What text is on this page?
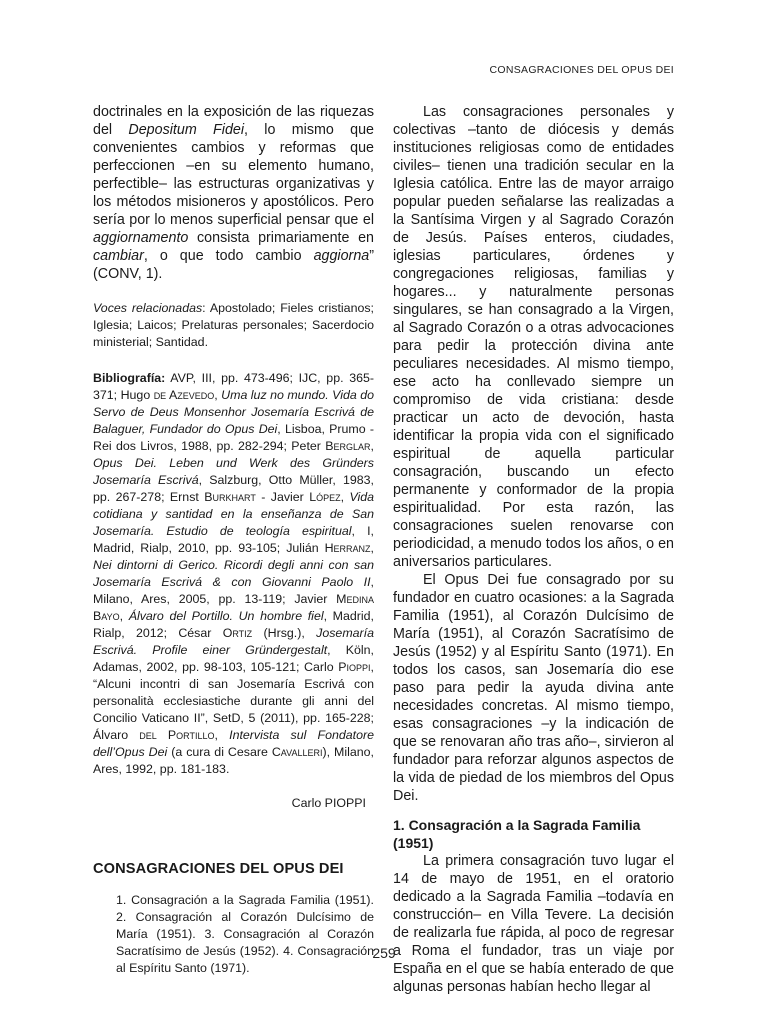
CONSAGRACIONES DEL OPUS DEI

doctrinales en la exposición de las riquezas del Depositum Fidei, lo mismo que convenientes cambios y reformas que perfeccionen –en su elemento humano, perfectible– las estructuras organizativas y los métodos misioneros y apostólicos. Pero sería por lo menos superficial pensar que el aggiornamento consista primariamente en cambiar, o que todo cambio aggiorna” (CONV, 1).

Voces relacionadas: Apostolado; Fieles cristianos; Iglesia; Laicos; Prelaturas personales; Sacerdocio ministerial; Santidad.

Bibliografía: AVP, III, pp. 473-496; IJC, pp. 365-371; Hugo de Azevedo, Uma luz no mundo. Vida do Servo de Deus Monsenhor Josemaría Escrivá de Balaguer, Fundador do Opus Dei, Lisboa, Prumo - Rei dos Livros, 1988, pp. 282-294; Peter Berglar, Opus Dei. Leben und Werk des Gründers Josemaría Escrivá, Salzburg, Otto Müller, 1983, pp. 267-278; Ernst Burkhart - Javier López, Vida cotidiana y santidad en la enseñanza de San Josemaría. Estudio de teología espiritual, I, Madrid, Rialp, 2010, pp. 93-105; Julián Herranz, Nei dintorni di Gerico. Ricordi degli anni con san Josemaría Escrivá & con Giovanni Paolo II, Milano, Ares, 2005, pp. 13-119; Javier Medina Bayo, Álvaro del Portillo. Un hombre fiel, Madrid, Rialp, 2012; César Ortiz (Hrsg.), Josemaría Escrivá. Profile einer Gründergestalt, Köln, Adamas, 2002, pp. 98-103, 105-121; Carlo Pioppi, “Alcuni incontri di san Josemaría Escrivá con personalità ecclesiastiche durante gli anni del Concilio Vaticano II”, SetD, 5 (2011), pp. 165-228; Álvaro del Portillo, Intervista sul Fondatore dell’Opus Dei (a cura di Cesare Cavalleri), Milano, Ares, 1992, pp. 181-183.

Carlo PIOPPI
CONSAGRACIONES DEL OPUS DEI

1. Consagración a la Sagrada Familia (1951). 2. Consagración al Corazón Dulcísimo de María (1951). 3. Consagración al Corazón Sacratísimo de Jesús (1952). 4. Consagración al Espíritu Santo (1971).

Las consagraciones personales y colectivas –tanto de diócesis y demás instituciones religiosas como de entidades civiles– tienen una tradición secular en la Iglesia católica. Entre las de mayor arraigo popular pueden señalarse las realizadas a la Santísima Virgen y al Sagrado Corazón de Jesús. Países enteros, ciudades, iglesias particulares, órdenes y congregaciones religiosas, familias y hogares... y naturalmente personas singulares, se han consagrado a la Virgen, al Sagrado Corazón o a otras advocaciones para pedir la protección divina ante peculiares necesidades. Al mismo tiempo, ese acto ha conllevado siempre un compromiso de vida cristiana: desde practicar un acto de devoción, hasta identificar la propia vida con el significado espiritual de aquella particular consagración, buscando un efecto permanente y conformador de la propia espiritualidad. Por esta razón, las consagraciones suelen renovarse con periodicidad, a menudo todos los años, o en aniversarios particulares.

El Opus Dei fue consagrado por su fundador en cuatro ocasiones: a la Sagrada Familia (1951), al Corazón Dulcísimo de María (1951), al Corazón Sacratísimo de Jesús (1952) y al Espíritu Santo (1971). En todos los casos, san Josemaría dio ese paso para pedir la ayuda divina ante necesidades concretas. Al mismo tiempo, esas consagraciones –y la indicación de que se renovaran año tras año–, sirvieron al fundador para reforzar algunos aspectos de la vida de piedad de los miembros del Opus Dei.

1. Consagración a la Sagrada Familia (1951)

La primera consagración tuvo lugar el 14 de mayo de 1951, en el oratorio dedicado a la Sagrada Familia –todavía en construcción– en Villa Tevere. La decisión de realizarla fue rápida, al poco de regresar a Roma el fundador, tras un viaje por España en el que se había enterado de que algunas personas habían hecho llegar al

259
